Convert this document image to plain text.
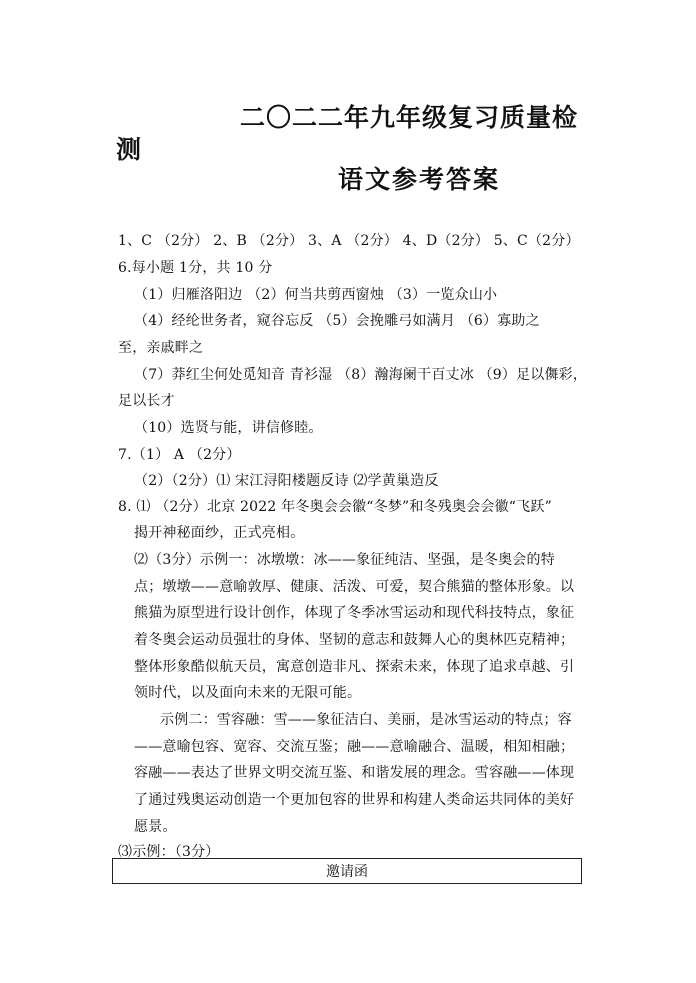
二〇二二年九年级复习质量检
测
语文参考答案
1、C （2分） 2、B （2分） 3、A （2分） 4、D（2分） 5、C（2分）
6.每小题 1分，共 10 分
（1）归雁洛阳边 （2）何当共剪西窗烛 （3）一览众山小
（4）经纶世务者，窥谷忘反 （5）会挽雕弓如满月 （6）寡助之
至，亲戚畔之
（7）莽红尘何处觅知音 青衫湿 （8）瀚海阑干百丈冰 （9）足以儛彩，
足以长才
（10）选贤与能，讲信修睦。
7.（1） A （2分）
（2）（2分）⑴ 宋江浔阳楼题反诗 ⑵学黄巢造反
8. ⑴ （2分）北京 2022 年冬奥会会徽“冬梦”和冬残奥会会徽“飞跃”
揭开神秘面纱，正式亮相。
⑵（3分）示例一：冰墩墩：冰——象征纯洁、坚强，是冬奥会的特
点；墩墩——意喻敦厚、健康、活泼、可爱，契合熊猫的整体形象。以
熊猫为原型进行设计创作，体现了冬季冰雪运动和现代科技特点，象征
着冬奥会运动员强壮的身体、坚韧的意志和鼓舞人心的奥林匹克精神；
整体形象酷似航天员，寓意创造非凡、探索未来，体现了追求卓越、引
领时代，以及面向未来的无限可能。
示例二：雪容融：雪——象征洁白、美丽，是冰雪运动的特点；容
——意喻包容、宽容、交流互鉴；融——意喻融合、温暖，相知相融；
容融——表达了世界文明交流互鉴、和谐发展的理念。雪容融——体现
了通过残奥运动创造一个更加包容的世界和构建人类命运共同体的美好
愿景。
⑶示例：（3分）
邀请函
